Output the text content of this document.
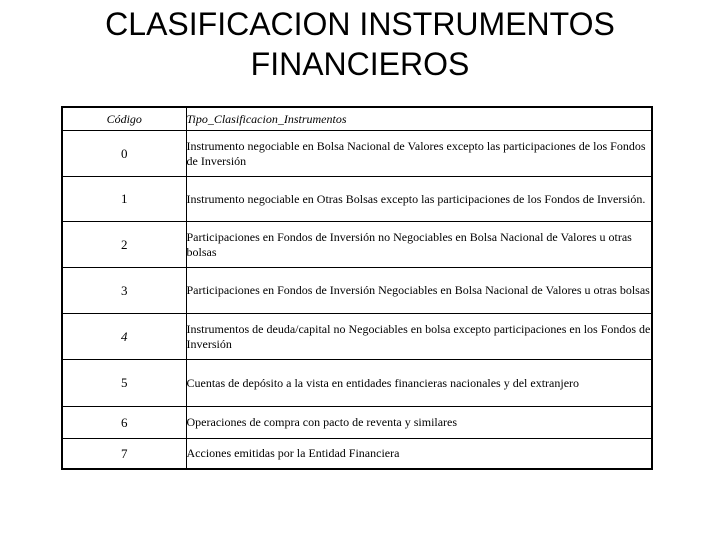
CLASIFICACION INSTRUMENTOS
FINANCIEROS
Código	Tipo_Clasificacion_Instrumentos
0	Instrumento negociable en Bolsa Nacional de Valores excepto las participaciones de los Fondos de Inversión
1	Instrumento negociable en Otras Bolsas excepto las participaciones de los Fondos de Inversión.
2	Participaciones en Fondos de Inversión no Negociables en Bolsa Nacional de Valores u otras bolsas
3	Participaciones en Fondos de Inversión Negociables en Bolsa Nacional de Valores u otras bolsas
4	Instrumentos de deuda/capital no Negociables en bolsa excepto participaciones en los Fondos de Inversión
5	Cuentas de depósito a la vista en entidades financieras nacionales y del extranjero
6	Operaciones de compra con pacto de reventa y similares
7	Acciones emitidas por la Entidad Financiera
